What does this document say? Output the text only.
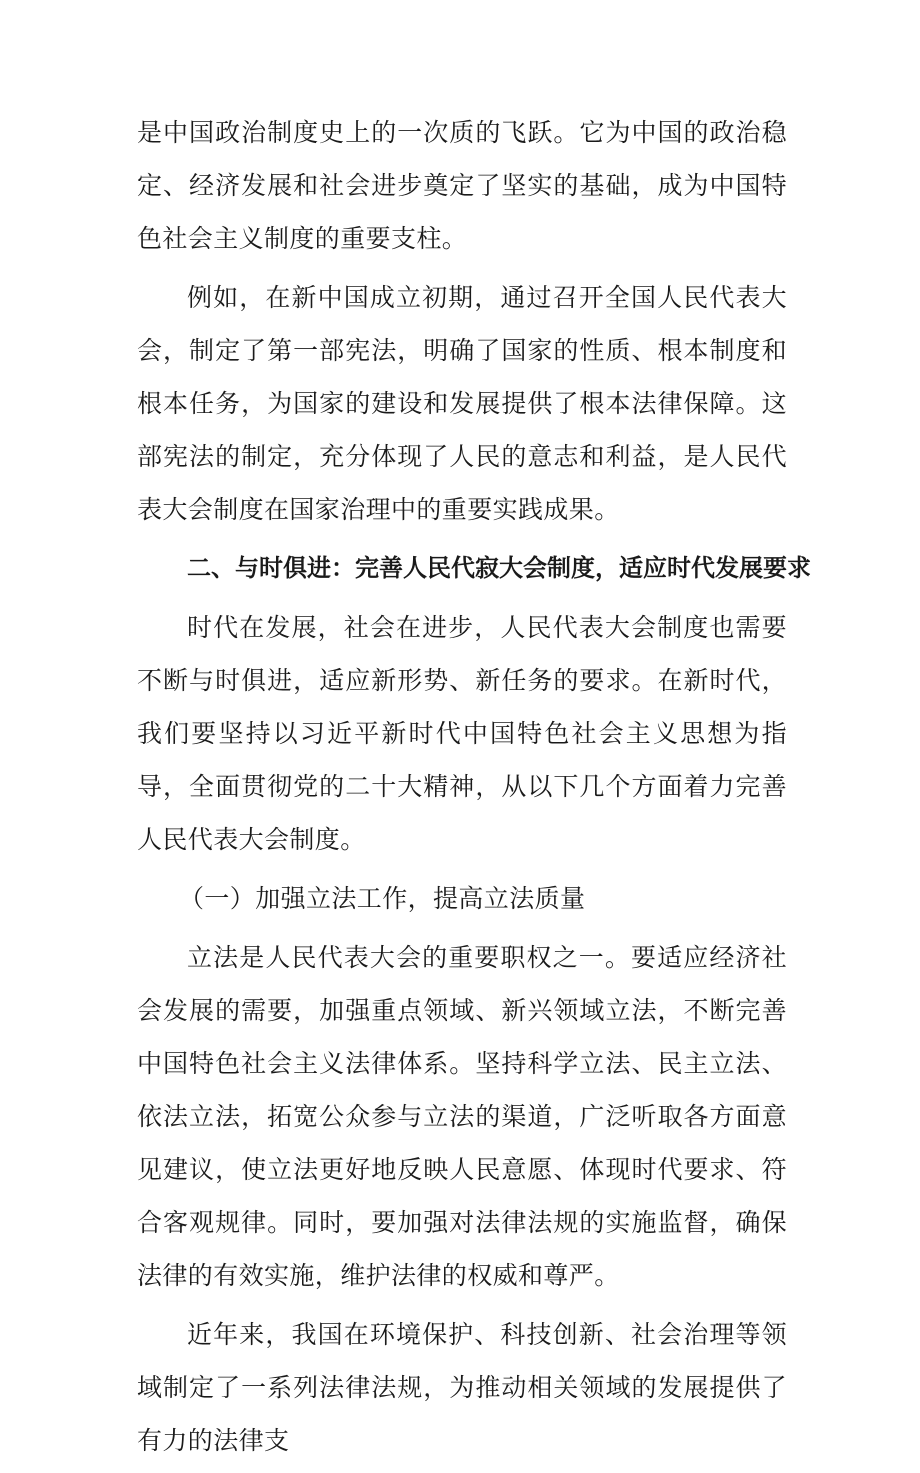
是中国政治制度史上的一次质的飞跃。它为中国的政治稳定、经济发展和社会进步奠定了坚实的基础，成为中国特色社会主义制度的重要支柱。

例如，在新中国成立初期，通过召开全国人民代表大会，制定了第一部宪法，明确了国家的性质、根本制度和根本任务，为国家的建设和发展提供了根本法律保障。这部宪法的制定，充分体现了人民的意志和利益，是人民代表大会制度在国家治理中的重要实践成果。

二、与时俱进：完善人民代寂大会制度，适应时代发展要求

时代在发展，社会在进步，人民代表大会制度也需要不断与时俱进，适应新形势、新任务的要求。在新时代，我们要坚持以习近平新时代中国特色社会主义思想为指导，全面贯彻党的二十大精神，从以下几个方面着力完善人民代表大会制度。

（一）加强立法工作，提高立法质量

立法是人民代表大会的重要职权之一。要适应经济社会发展的需要，加强重点领域、新兴领域立法，不断完善中国特色社会主义法律体系。坚持科学立法、民主立法、依法立法，拓宽公众参与立法的渠道，广泛听取各方面意见建议，使立法更好地反映人民意愿、体现时代要求、符合客观规律。同时，要加强对法律法规的实施监督，确保法律的有效实施，维护法律的权威和尊严。

近年来，我国在环境保护、科技创新、社会治理等领域制定了一系列法律法规，为推动相关领域的发展提供了有力的法律支
